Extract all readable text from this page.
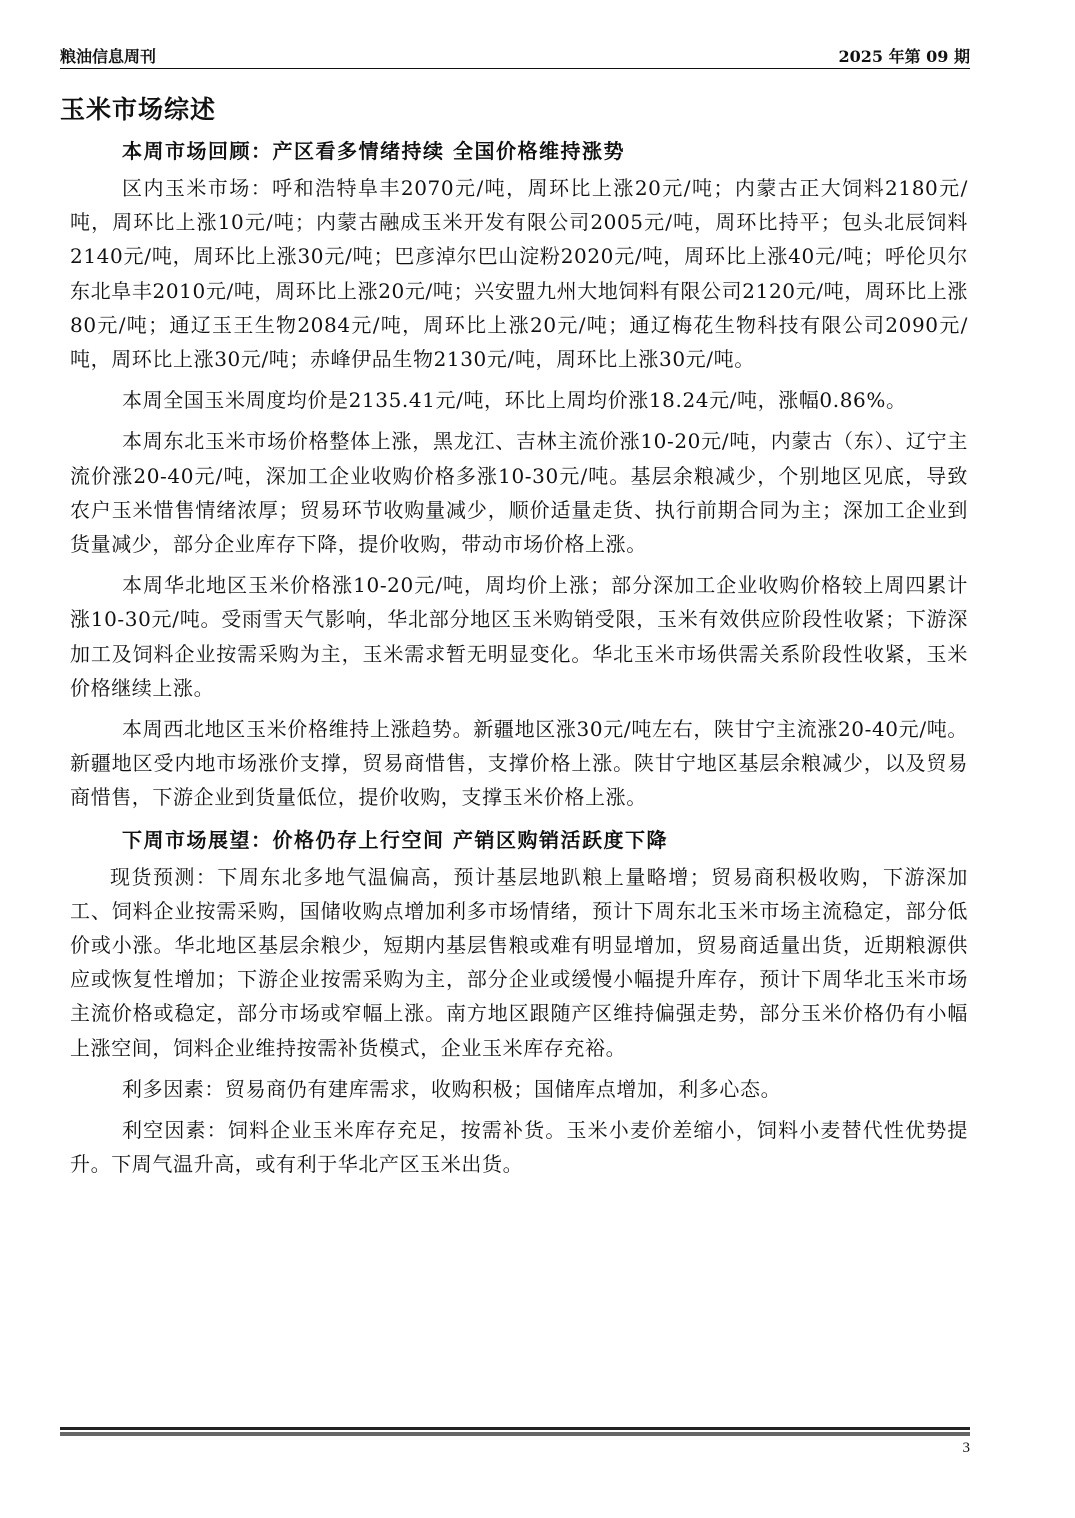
粮油信息周刊	2025 年第 09 期
玉米市场综述
本周市场回顾：产区看多情绪持续 全国价格维持涨势

区内玉米市场：呼和浩特阜丰2070元/吨，周环比上涨20元/吨；内蒙古正大饲料2180元/吨，周环比上涨10元/吨；内蒙古融成玉米开发有限公司2005元/吨，周环比持平；包头北辰饲料2140元/吨，周环比上涨30元/吨；巴彦淖尔巴山淀粉2020元/吨，周环比上涨40元/吨；呼伦贝尔东北阜丰2010元/吨，周环比上涨20元/吨；兴安盟九州大地饲料有限公司2120元/吨，周环比上涨80元/吨；通辽玉王生物2084元/吨，周环比上涨20元/吨；通辽梅花生物科技有限公司2090元/吨，周环比上涨30元/吨；赤峰伊品生物2130元/吨，周环比上涨30元/吨。

本周全国玉米周度均价是2135.41元/吨，环比上周均价涨18.24元/吨，涨幅0.86%。

本周东北玉米市场价格整体上涨，黑龙江、吉林主流价涨10-20元/吨，内蒙古（东）、辽宁主流价涨20-40元/吨，深加工企业收购价格多涨10-30元/吨。基层余粮减少，个别地区见底，导致农户玉米惜售情绪浓厚；贸易环节收购量减少，顺价适量走货、执行前期合同为主；深加工企业到货量减少，部分企业库存下降，提价收购，带动市场价格上涨。

本周华北地区玉米价格涨10-20元/吨，周均价上涨；部分深加工企业收购价格较上周四累计涨10-30元/吨。受雨雪天气影响，华北部分地区玉米购销受限，玉米有效供应阶段性收紧；下游深加工及饲料企业按需采购为主，玉米需求暂无明显变化。华北玉米市场供需关系阶段性收紧，玉米价格继续上涨。

本周西北地区玉米价格维持上涨趋势。新疆地区涨30元/吨左右，陕甘宁主流涨20-40元/吨。新疆地区受内地市场涨价支撑，贸易商惜售，支撑价格上涨。陕甘宁地区基层余粮减少，以及贸易商惜售，下游企业到货量低位，提价收购，支撑玉米价格上涨。

下周市场展望：价格仍存上行空间 产销区购销活跃度下降

现货预测：下周东北多地气温偏高，预计基层地趴粮上量略增；贸易商积极收购，下游深加工、饲料企业按需采购，国储收购点增加利多市场情绪，预计下周东北玉米市场主流稳定，部分低价或小涨。华北地区基层余粮少，短期内基层售粮或难有明显增加，贸易商适量出货，近期粮源供应或恢复性增加；下游企业按需采购为主，部分企业或缓慢小幅提升库存，预计下周华北玉米市场主流价格或稳定，部分市场或窄幅上涨。南方地区跟随产区维持偏强走势，部分玉米价格仍有小幅上涨空间，饲料企业维持按需补货模式，企业玉米库存充裕。

利多因素：贸易商仍有建库需求，收购积极；国储库点增加，利多心态。

利空因素：饲料企业玉米库存充足，按需补货。玉米小麦价差缩小，饲料小麦替代性优势提升。下周气温升高，或有利于华北产区玉米出货。

3
